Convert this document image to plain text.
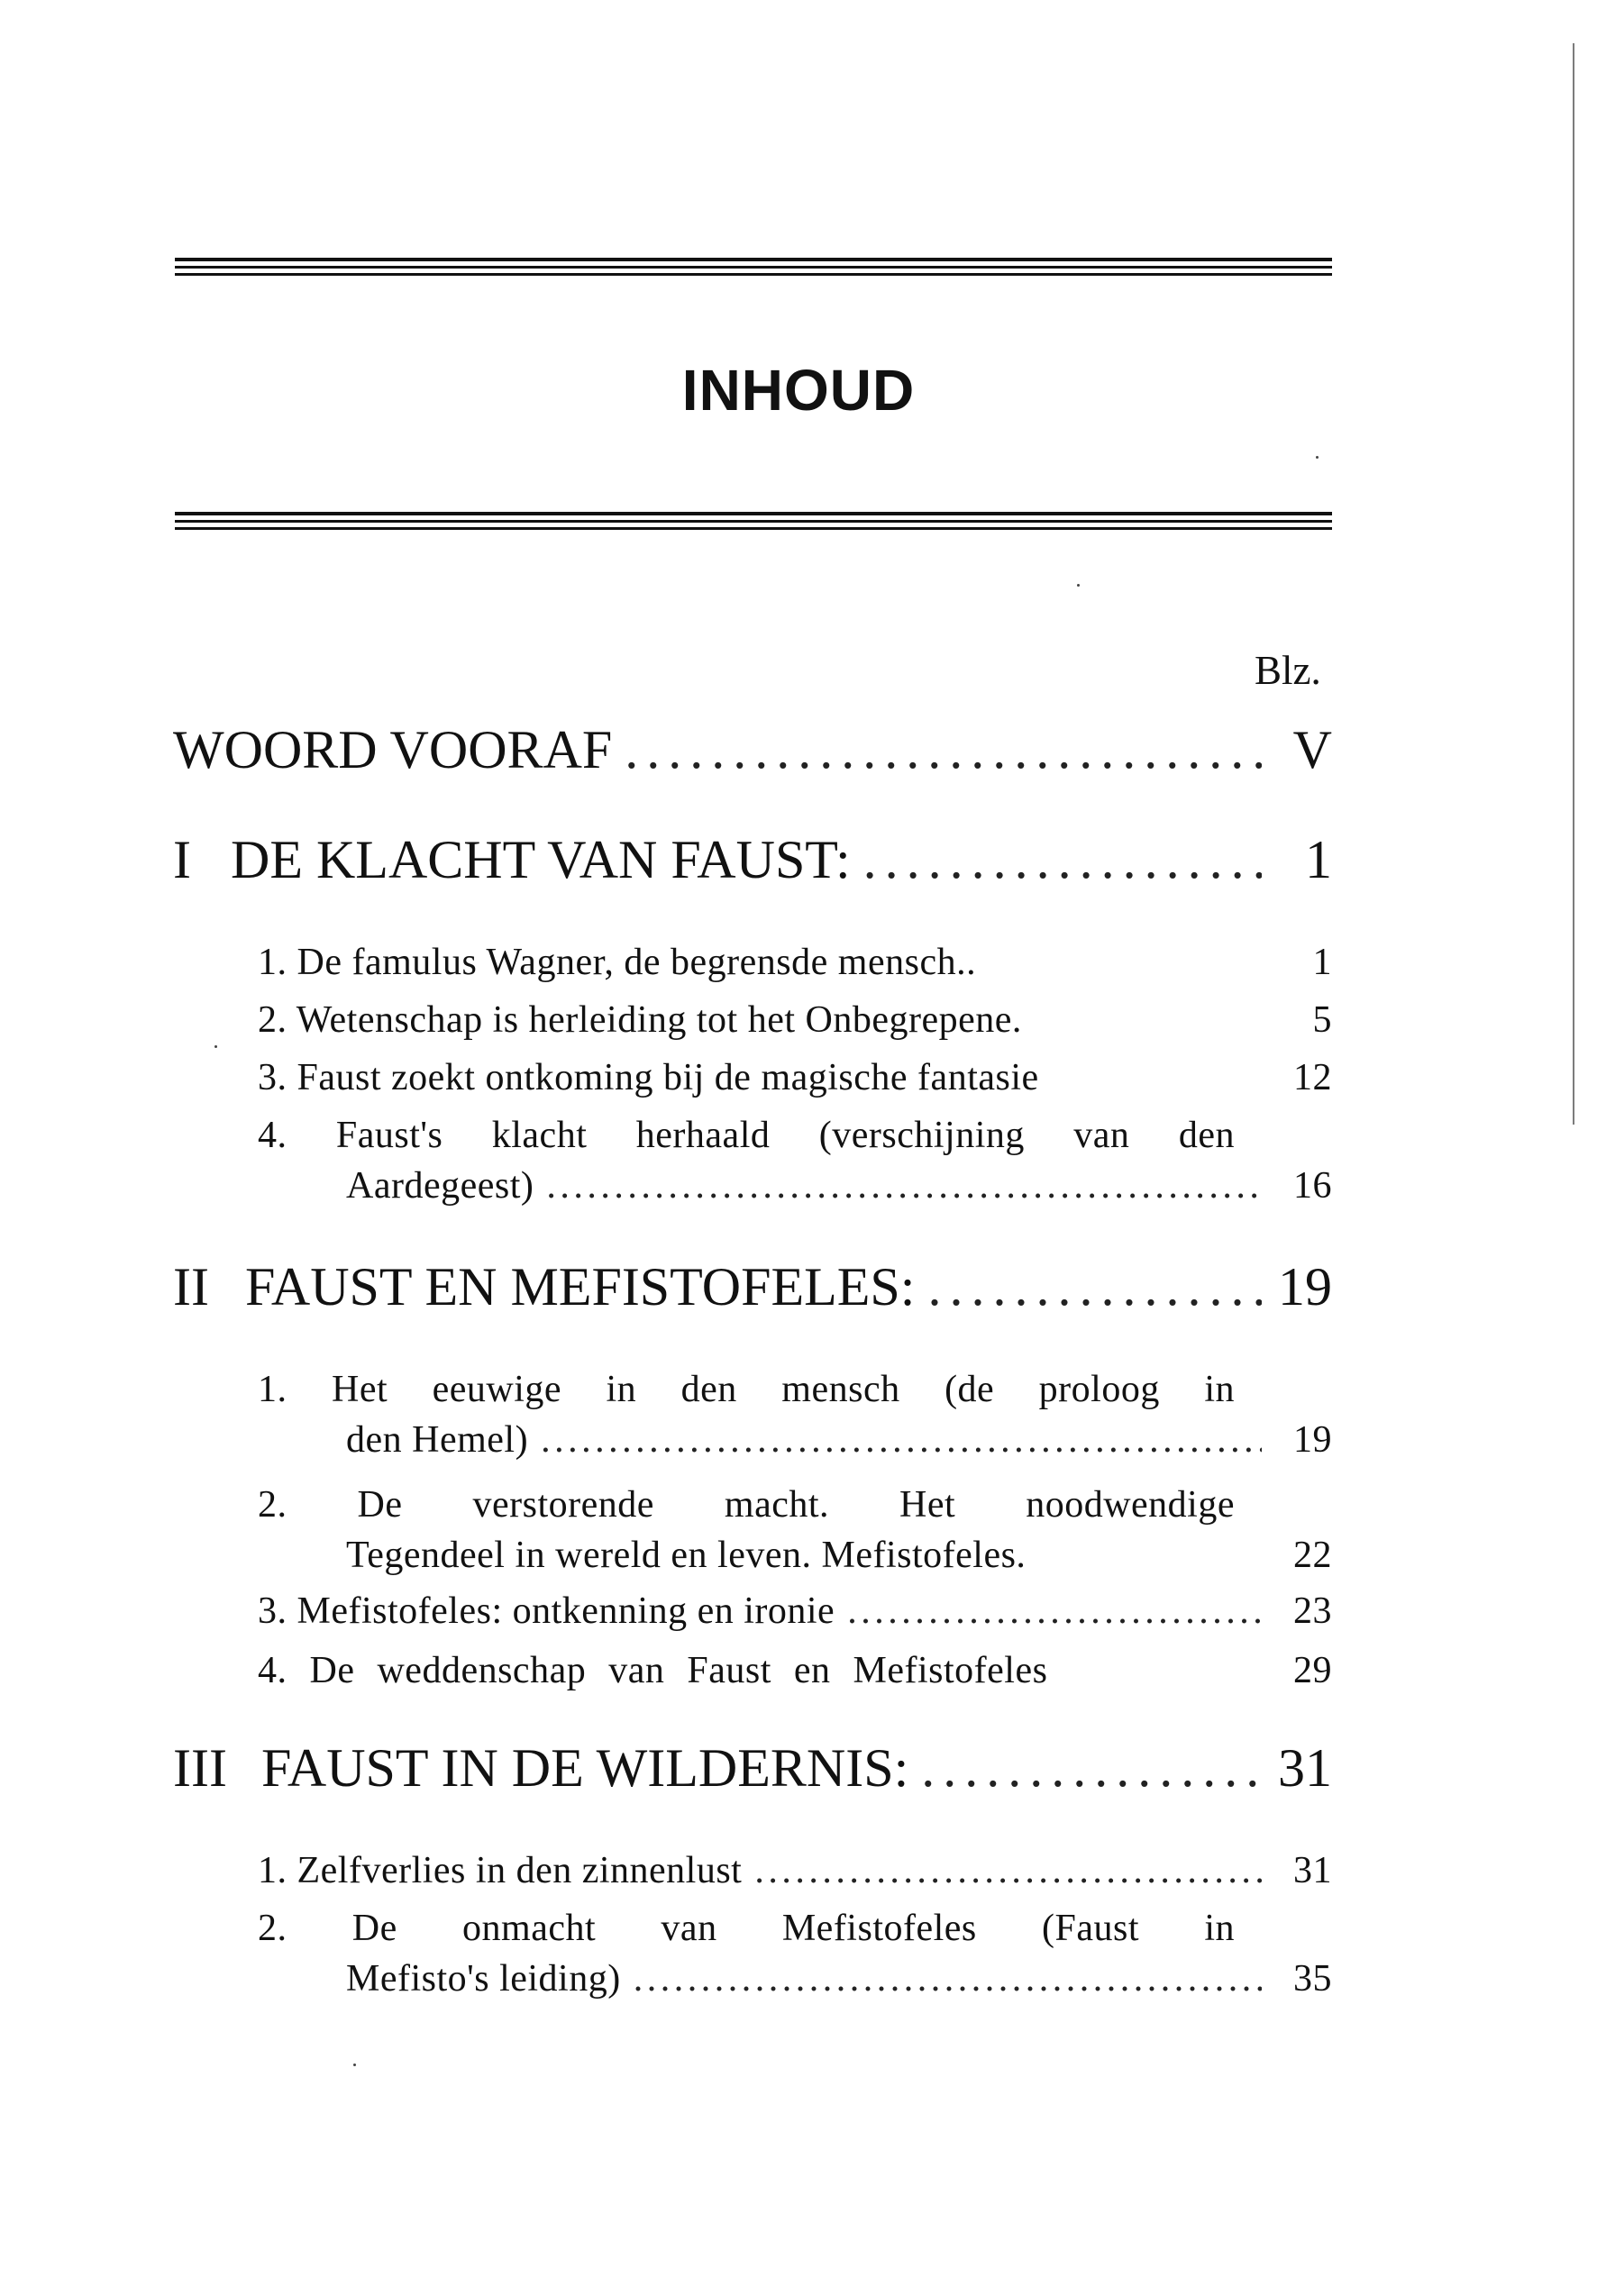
INHOUD
Blz.
WOORD VOORAF . . .	V
I DE KLACHT VAN FAUST: . . .	1
1. De famulus Wagner, de begrensde mensch..	1
2. Wetenschap is herleiding tot het Onbegrepene.	5
3. Faust zoekt ontkoming bij de magische fantasie	12
4. Faust's klacht herhaald (verschijning van den
Aardegeest) . . .	16
II FAUST EN MEFISTOFELES: . . .	19
1. Het eeuwige in den mensch (de proloog in
den Hemel) . . .	19
2. De verstorende macht. Het noodwendige
Tegendeel in wereld en leven. Mefistofeles.	22
3. Mefistofeles: ontkenning en ironie . . .	23
4. De weddenschap van Faust en Mefistofeles	29
III FAUST IN DE WILDERNIS: . . .	31
1. Zelfverlies in den zinnenlust . . .	31
2. De onmacht van Mefistofeles (Faust in
Mefisto's leiding) . . .	35
